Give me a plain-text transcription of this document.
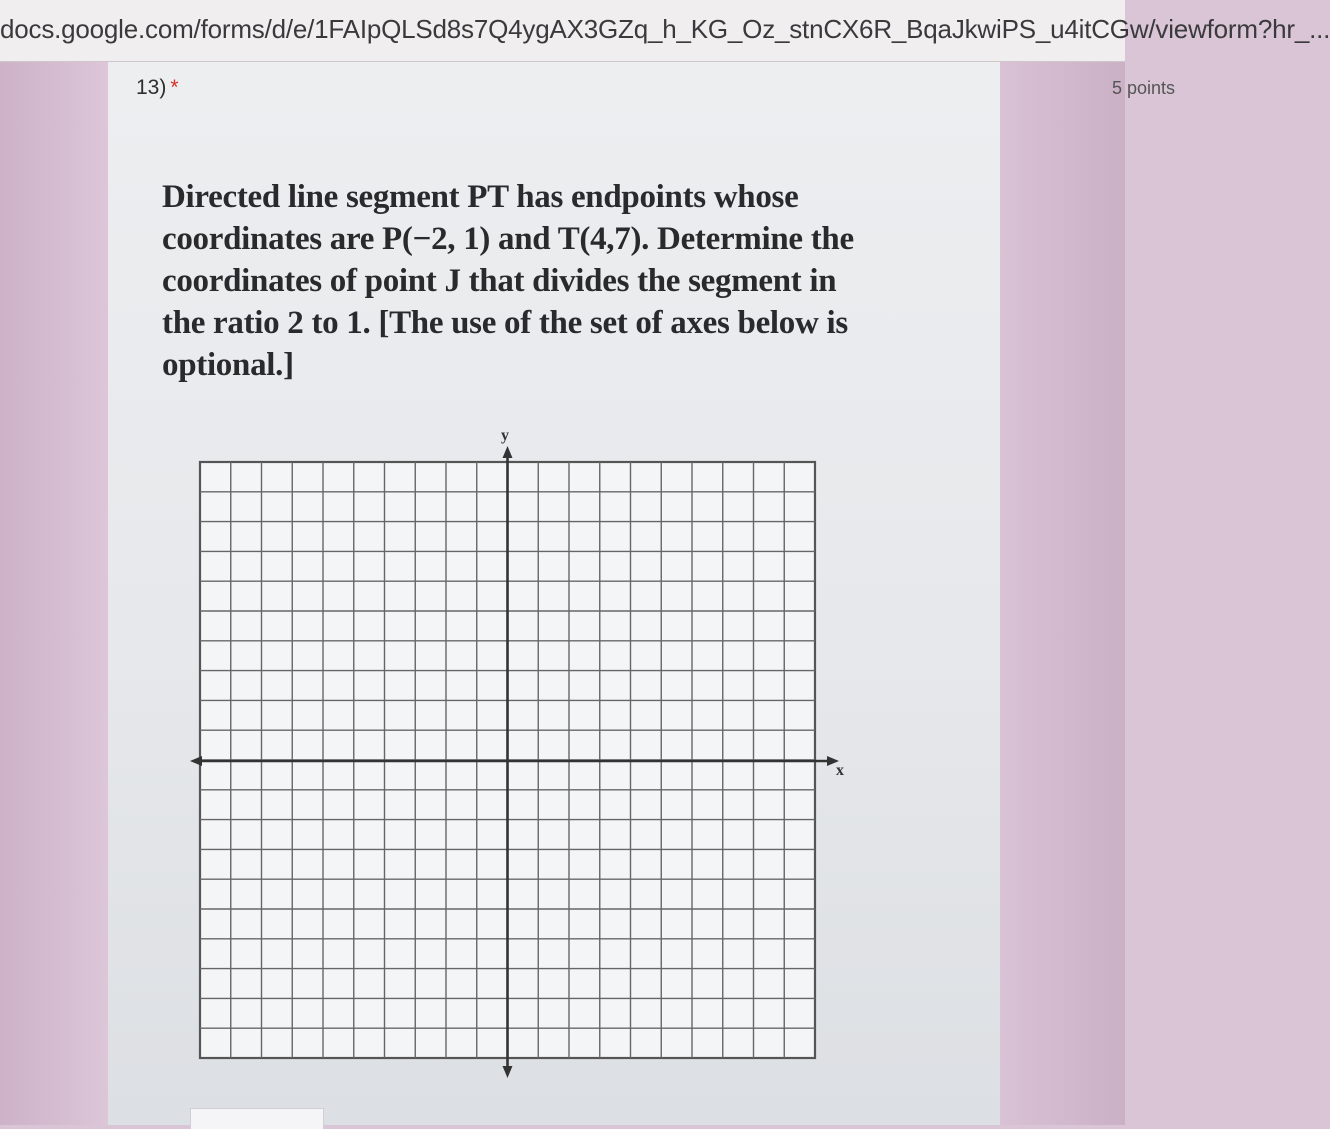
docs.google.com/forms/d/e/1FAIpQLSd8s7Q4ygAX3GZq_h_KG_Oz_stnCX6R_BqaJkwiPS_u4itCGw/viewform?hr_...
13) *	5 points
Directed line segment PT has endpoints whose
coordinates are P(−2, 1) and T(4,7). Determine the
coordinates of point J that divides the segment in
the ratio 2 to 1. [The use of the set of axes below is
optional.]
x
y
